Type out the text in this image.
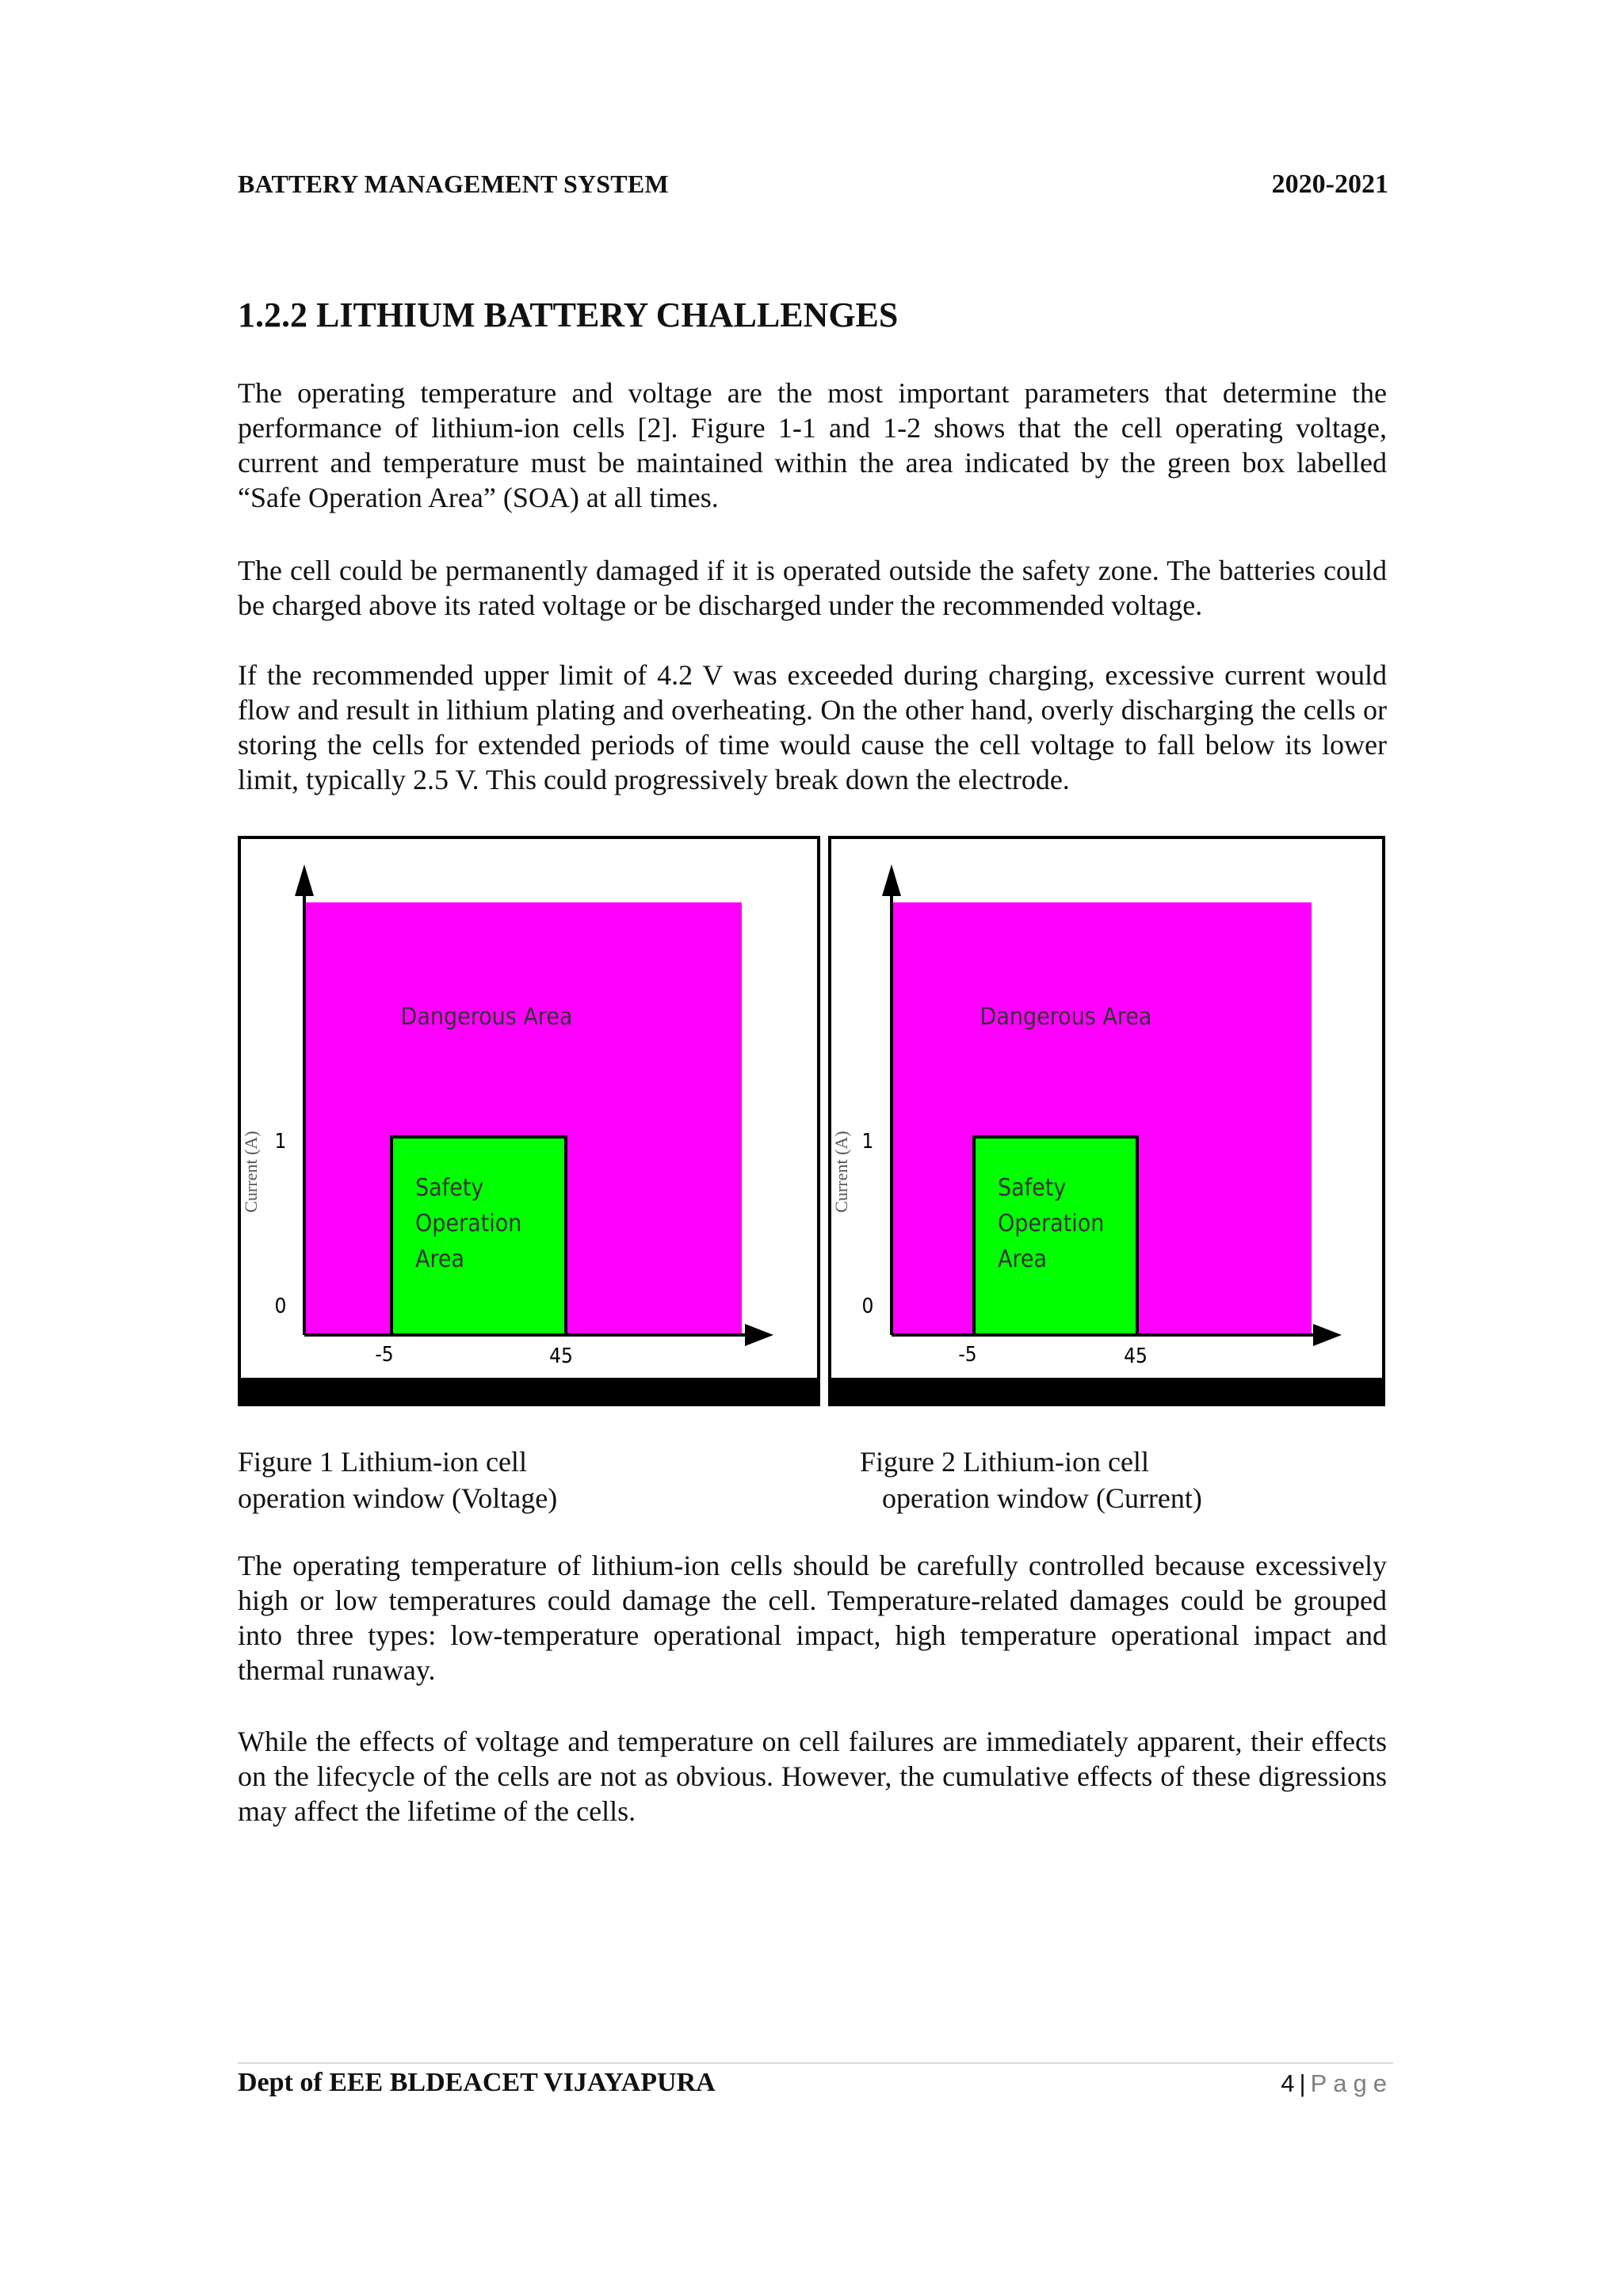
BATTERY MANAGEMENT SYSTEM	2020-2021
1.2.2 LITHIUM BATTERY CHALLENGES

The operating temperature and voltage are the most important parameters that determine the performance of lithium-ion cells [2]. Figure 1-1 and 1-2 shows that the cell operating voltage, current and temperature must be maintained within the area indicated by the green box labelled “Safe Operation Area” (SOA) at all times.

The cell could be permanently damaged if it is operated outside the safety zone. The batteries could be charged above its rated voltage or be discharged under the recommended voltage.

If the recommended upper limit of 4.2 V was exceeded during charging, excessive current would flow and result in lithium plating and overheating. On the other hand, overly discharging the cells or storing the cells for extended periods of time would cause the cell voltage to fall below its lower limit, typically 2.5 V. This could progressively break down the electrode.

Dangerous Area
Safety
Operation
Area
1
0
-5	45
Current (A)
Dangerous Area
Safety
Operation
Area
1
0
-5	45
Current (A)
Figure 1 Lithium-ion cell
operation window (Voltage)
Figure 2 Lithium-ion cell
operation window (Current)

The operating temperature of lithium-ion cells should be carefully controlled because excessively high or low temperatures could damage the cell. Temperature-related damages could be grouped into three types: low-temperature operational impact, high temperature operational impact and thermal runaway.

While the effects of voltage and temperature on cell failures are immediately apparent, their effects on the lifecycle of the cells are not as obvious. However, the cumulative effects of these digressions may affect the lifetime of the cells.

Dept of EEE BLDEACET VIJAYAPURA	4 | Page
